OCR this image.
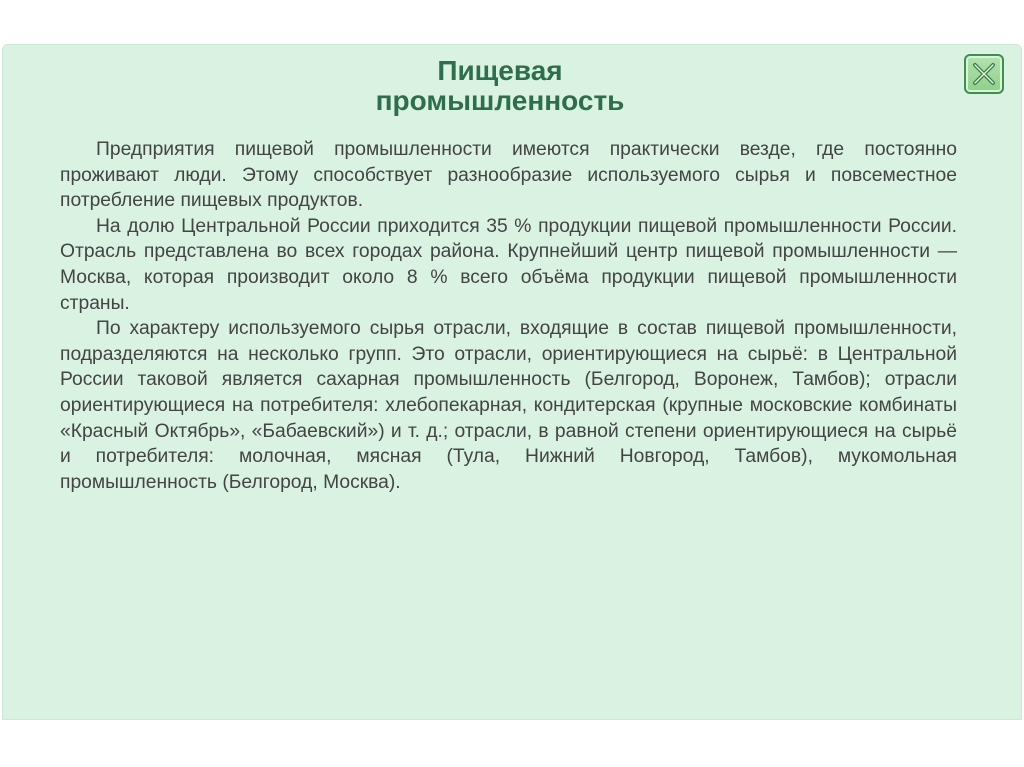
Пищевая
промышленность

Предприятия пищевой промышленности имеются практически везде, где постоянно проживают люди. Этому способствует разнообразие используемого сырья и повсеместное потребление пищевых продуктов.

На долю Центральной России приходится 35 % продукции пищевой промышленности России. Отрасль представлена во всех городах района. Крупнейший центр пищевой промышленности — Москва, которая производит около 8 % всего объёма продукции пищевой промышленности страны.

По характеру используемого сырья отрасли, входящие в состав пищевой промышленности, подразделяются на несколько групп. Это отрасли, ориентирующиеся на сырьё: в Центральной России таковой является сахарная промышленность (Белгород, Воронеж, Тамбов); отрасли ориентирующиеся на потребителя: хлебопекарная, кондитерская (крупные московские комбинаты «Красный Октябрь», «Бабаевский») и т. д.; отрасли, в равной степени ориентирующиеся на сырьё и потребителя: молочная, мясная (Тула, Нижний Новгород, Тамбов), мукомольная промышленность (Белгород, Москва).
